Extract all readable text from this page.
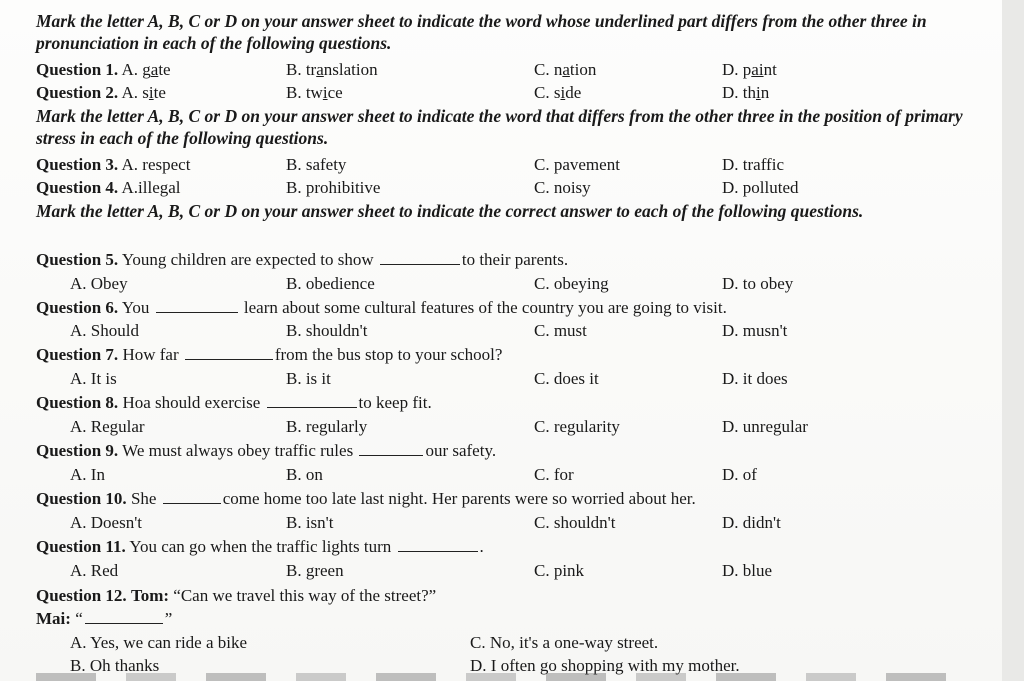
Mark the letter A, B, C or D on your answer sheet to indicate the word whose underlined part differs from the other three in pronunciation in each of the following questions.
Question 1. A. gate	B. translation	C. nation	D. paint
Question 2. A. site	B. twice	C. side	D. thin
Mark the letter A, B, C or D on your answer sheet to indicate the word that differs from the other three in the position of primary stress in each of the following questions.
Question 3. A. respect	B. safety	C. pavement	D. traffic
Question 4. A.illegal	B. prohibitive	C. noisy	D. polluted
Mark the letter A, B, C or D on your answer sheet to indicate the correct answer to each of the following questions.
Question 5. Young children are expected to show	to their parents.
A. Obey	B. obedience	C. obeying	D. to obey
Question 6. You	learn about some cultural features of the country you are going to visit.
A. Should	B. shouldn't	C. must	D. musn't
Question 7. How far	from the bus stop to your school?
A. It is	B. is it	C. does it	D. it does
Question 8. Hoa should exercise	to keep fit.
A. Regular	B. regularly	C. regularity	D. unregular
Question 9. We must always obey traffic rules	our safety.
A. In	B. on	C. for	D. of
Question 10. She	come home too late last night. Her parents were so worried about her.
A. Doesn't	B. isn't	C. shouldn't	D. didn't
Question 11. You can go when the traffic lights turn	.
A. Red	B. green	C. pink	D. blue
Question 12. Tom: “Can we travel this way of the street?”
Mai: “	”
A. Yes, we can ride a bike	C. No, it's a one-way street.
B. Oh thanks	D. I often go shopping with my mother.
